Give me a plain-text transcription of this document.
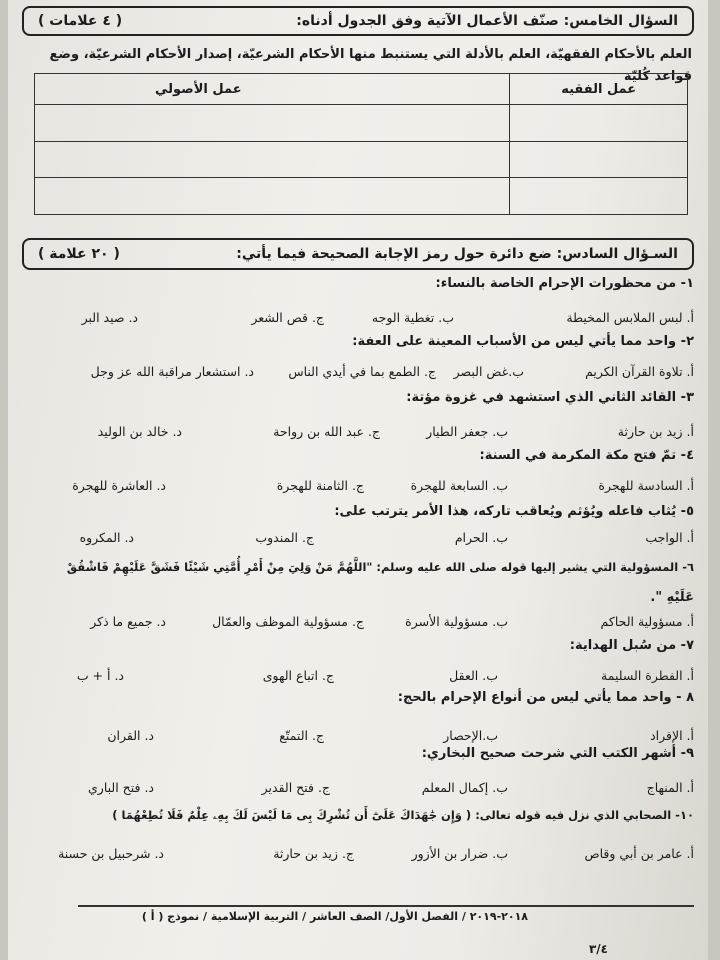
السؤال الخامس: صنّف الأعمال الآتية وفق الجدول أدناه:
( ٤ علامات )
العلم بالأحكام الفقهيّة، العلم بالأدلة التي يستنبط منها الأحكام الشرعيّة، إصدار الأحكام الشرعيّة، وضع قواعد كُليّة
عمل الفقيه	عمل الأصولي

السـؤال السادس: ضع دائرة حول رمز الإجابة الصحيحة فيما يأتي:
( ٢٠ علامة )
١- من محظورات الإحرام الخاصة بالنساء:
أ. لبس الملابس المخيطة
ب. تغطية الوجه
ج. قص الشعر
د. صيد البر
٢- واحد مما يأتي ليس من الأسباب المعينة على العفة:
أ. تلاوة القرآن الكريم
ب.غض البصر
ج. الطمع بما في أيدي الناس
د. استشعار مراقبة الله عز وجل
٣- القائد الثاني الذي استشهد في غزوة مؤتة:
أ. زيد بن حارثة
ب. جعفر الطيار
ج. عبد الله بن رواحة
د. خالد بن الوليد
٤- تمّ فتح مكة المكرمة في السنة:
أ. السادسة للهجرة
ب. السابعة للهجرة
ج. الثامنة للهجرة
د. العاشرة للهجرة
٥- يُثاب فاعله ويُؤثم ويُعاقب تاركه، هذا الأمر يترتب على:
أ. الواجب
ب. الحرام
ج. المندوب
د. المكروه
٦- المسؤولية التي يشير إليها قوله صلى الله عليه وسلم: "اللَّهُمَّ مَنْ وَلِيَ مِنْ أَمْرِ أُمَّتِي شَيْئًا فَشَقَّ عَلَيْهِمْ فَاشْقُقْ
عَلَيْهِ ".
أ. مسؤولية الحاكم
ب. مسؤولية الأسرة
ج. مسؤولية الموظف والعمّال
د. جميع ما ذكر
٧- من سُبل الهداية:
أ. الفطرة السليمة
ب. العقل
ج. اتباع الهوى
د. أ + ب
٨ - واحد مما يأتي ليس من أنواع الإحرام بالحج:
أ. الإفراد
ب.الإحصار
ج. التمتّع
د. القران
٩- أشهر الكتب التي شرحت صحيح البخاري:
أ. المنهاج
ب. إكمال المعلم
ج. فتح القدير
د. فتح الباري
١٠- الصحابي الذي نزل فيه قوله تعالى: ( وَإِن جَٰهَدَاكَ عَلَىٰٓ أَن تُشْرِكَ بِى مَا لَيْسَ لَكَ بِهِۦ عِلْمٌ فَلَا تُطِعْهُمَا )
أ. عامر بن أبي وقاص
ب. ضرار بن الأزور
ج. زيد بن حارثة
د. شرحبيل بن حسنة
٢٠١٨-٢٠١٩ / الفصل الأول/ الصف العاشر / التربية الإسلامية / نموذج ( أ )
٣/٤
